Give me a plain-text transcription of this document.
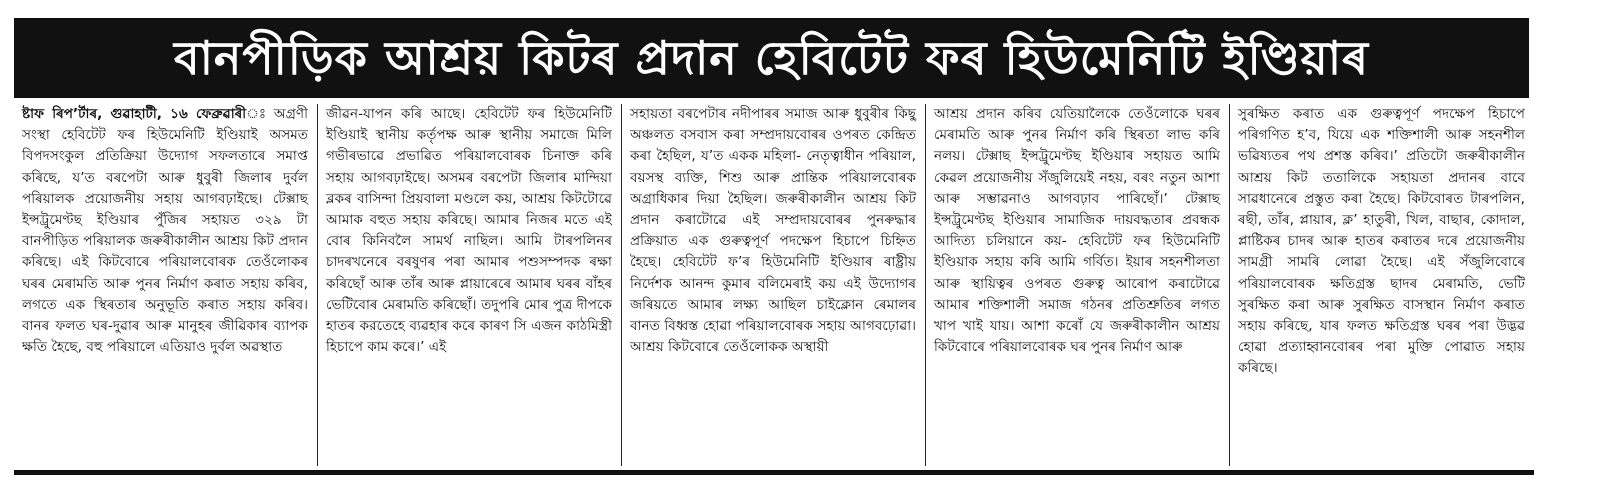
বানপীড়িক আশ্রয় কিটৰ প্ৰদান হেবিটেট ফৰ হিউমেনিটি ইণ্ডিয়াৰ

ষ্টাফ ৰিপ’ৰ্টাৰ, গুৱাহাটী, ১৬ ফেব্ৰুৱাৰীঃ অগ্ৰণী সংস্থা হেবিটেট ফৰ হিউমেনিটি ইণ্ডিয়াই অসমত বিপদসংকুল প্ৰতিক্ৰিয়া উদ্যোগ সফলতাৰে সমাপ্ত কৰিছে, য’ত বৰপেটা আৰু ধুবুৰী জিলাৰ দুৰ্বল পৰিয়ালক প্ৰয়োজনীয় সহায় আগবঢ়াইছে। টেক্সাছ ইন্সট্ৰুমেণ্টছ ইণ্ডিয়াৰ পুঁজিৰ সহায়ত ৩২৯ টা বানপীড়িত পৰিয়ালক জৰুৰীকালীন আশ্ৰয় কিট প্ৰদান কৰিছে। এই কিটবোৰে পৰিয়ালবোৰক তেওঁলোকৰ ঘৰৰ মেৰামতি আৰু পুনৰ নিৰ্মাণ কৰাত সহায় কৰিব, লগতে এক স্থিৰতাৰ অনুভূতি কৰাত সহায় কৰিব। বানৰ ফলত ঘৰ-দুৱাৰ আৰু মানুহৰ জীৱিকাৰ ব্যাপক ক্ষতি হৈছে, বহু পৰিয়ালে এতিয়াও দুৰ্বল অৱস্থাত

জীৱন-যাপন কৰি আছে। হেবিটেট ফৰ হিউমেনিটি ইণ্ডিয়াই স্থানীয় কৰ্তৃপক্ষ আৰু স্থানীয় সমাজে মিলি গভীৰভাৱে প্ৰভাৱিত পৰিয়ালবোৰক চিনাক্ত কৰি সহায় আগবঢ়াইছে। অসমৰ বৰপেটা জিলাৰ মান্দিয়া ব্লকৰ বাসিন্দা প্ৰিয়বালা মণ্ডলে কয়, আশ্ৰয় কিটটোৱে আমাক বহুত সহায় কৰিছে। আমাৰ নিজৰ মতে এই বোৰ কিনিবলৈ সামৰ্থ নাছিল। আমি টাৰপলিনৰ চাদৰখনেৰে বৰষুণৰ পৰা আমাৰ পশুসম্পদক ৰক্ষা কৰিছোঁ আৰু তাঁৰ আৰু প্লায়াৰেৰে আমাৰ ঘৰৰ বাঁহৰ ভেটিবোৰ মেৰামতি কৰিছোঁ। তদুপৰি মোৰ পুত্ৰ দীপকে হাতৰ করতেহে ব্যৱহাৰ কৰে কাৰণ সি এজন কাঠমিস্ত্ৰী হিচাপে কাম কৰে।’ এই

সহায়তা বৰপেটাৰ নদীপাৰৰ সমাজ আৰু ধুবুৰীৰ কিছু অঞ্চলত বসবাস কৰা সম্প্ৰদায়বোৰৰ ওপৰত কেন্দ্ৰিত কৰা হৈছিল, য’ত একক মহিলা- নেতৃত্বাধীন পৰিয়াল, বয়সস্থ ব্যক্তি, শিশু আৰু প্ৰান্তিক পৰিয়ালবোৰক অগ্ৰাধিকাৰ দিয়া হৈছিল। জৰুৰীকালীন আশ্ৰয় কিট প্ৰদান কৰাটোৱে এই সম্প্ৰদায়বোৰৰ পুনৰুদ্ধাৰ প্ৰক্ৰিয়াত এক গুৰুত্বপূৰ্ণ পদক্ষেপ হিচাপে চিহ্নিত হৈছে। হেবিটেট ফ’ৰ হিউমেনিটি ইণ্ডিয়াৰ ৰাষ্ট্ৰীয় নিৰ্দেশক আনন্দ কুমাৰ বলিমেৰাই কয় এই উদ্যোগৰ জৰিয়তে আমাৰ লক্ষ্য আছিল চাইক্লোন ৰেমালৰ বানত বিধ্বস্ত হোৱা পৰিয়ালবোৰক সহায় আগবঢ়োৱা। আশ্ৰয় কিটবোৰে তেওঁলোকক অস্থায়ী

আশ্ৰয় প্ৰদান কৰিব যেতিয়ালৈকে তেওঁলোকে ঘৰৰ মেৰামতি আৰু পুনৰ নিৰ্মাণ কৰি স্থিৰতা লাভ কৰি নলয়। টেক্সাছ ইন্সট্ৰুমেণ্টছ ইণ্ডিয়াৰ সহায়ত আমি কেৱল প্ৰয়োজনীয় সঁজুলিয়েই নহয়, বৰং নতুন আশা আৰু সম্ভাৱনাও আগবঢ়াব পাৰিছোঁ।’ টেক্সাছ ইন্সট্ৰুমেণ্টছ ইণ্ডিয়াৰ সামাজিক দায়বদ্ধতাৰ প্ৰবন্ধক আদিত্য চলিয়ানে কয়- হেবিটেট ফৰ হিউমেনিটি ইণ্ডিয়াক সহায় কৰি আমি গৰ্বিত। ইয়াৰ সহনশীলতা আৰু স্থায়িত্বৰ ওপৰত গুৰুত্ব আৰোপ কৰাটোৱে আমাৰ শক্তিশালী সমাজ গঠনৰ প্ৰতিশ্ৰুতিৰ লগত খাপ খাই যায়। আশা কৰোঁ যে জৰুৰীকালীন আশ্ৰয় কিটবোৰে পৰিয়ালবোৰক ঘৰ পুনৰ নিৰ্মাণ আৰু

সুৰক্ষিত কৰাত এক গুৰুত্বপূৰ্ণ পদক্ষেপ হিচাপে পৰিগণিত হ’ব, যিয়ে এক শক্তিশালী আৰু সহনশীল ভৱিষ্যতৰ পথ প্ৰশস্ত কৰিব।’ প্ৰতিটো জৰুৰীকালীন আশ্ৰয় কিট ততালিকে সহায়তা প্ৰদানৰ বাবে সাৱধানেৰে প্ৰস্তুত কৰা হৈছে। কিটবোৰত টাৰপলিন, ৰছী, তাঁৰ, প্লায়াৰ, ক্ল’ হাতুৰী, খিল, বাছাৰ, কোদাল, প্লাষ্টিকৰ চাদৰ আৰু হাতৰ কৰাতৰ দৰে প্ৰয়োজনীয় সামগ্ৰী সামৰি লোৱা হৈছে। এই সঁজুলিবোৰে পৰিয়ালবোৰক ক্ষতিগ্ৰস্ত ছাদৰ মেৰামতি, ভেটি সুৰক্ষিত কৰা আৰু সুৰক্ষিত বাসস্থান নিৰ্মাণ কৰাত সহায় কৰিছে, যাৰ ফলত ক্ষতিগ্ৰস্ত ঘৰৰ পৰা উদ্ভৱ হোৱা প্ৰত্যাহ্বানবোৰৰ পৰা মুক্তি পোৱাত সহায় কৰিছে।
